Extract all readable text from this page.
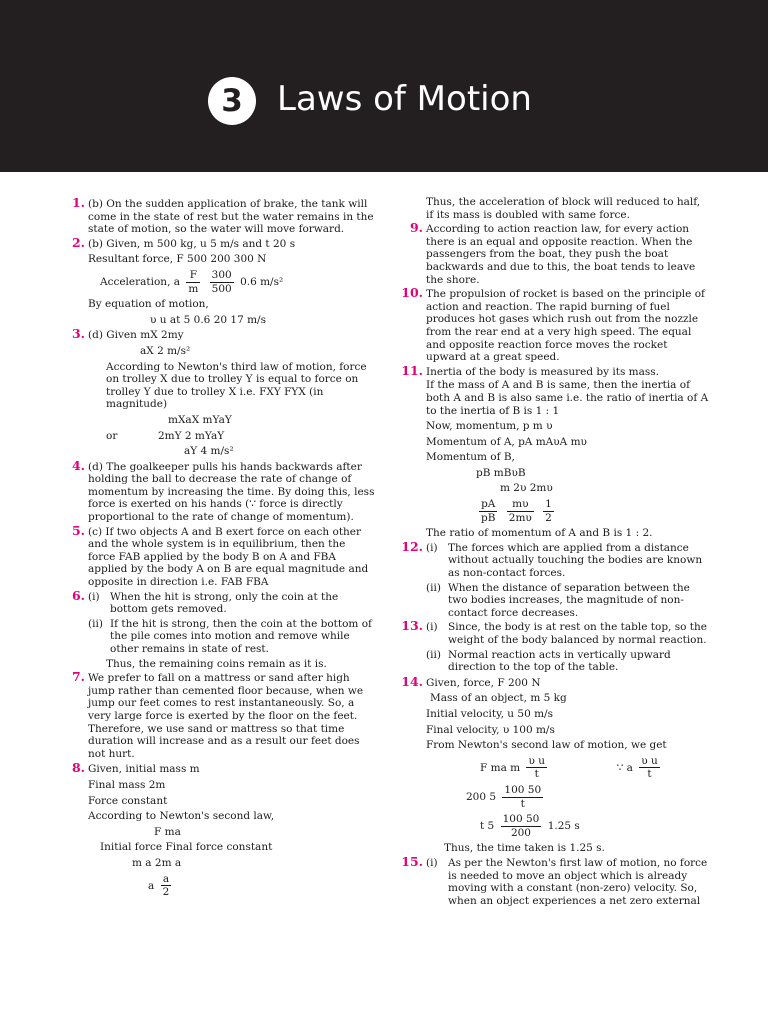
3	Laws of Motion
1. (b) On the sudden application of brake, the tank will come in the state of rest but the water remains in the state of motion, so the water will move forward.
2. (b) Given, m 500 kg, u 5 m/s and t 20 s
Resultant force, F 500 200 300 N
Acceleration, a $\frac{F}{m}$
$\frac{300}{500} 0.6$ m/s²
By equation of motion,
υ u at 5 0.6 20 17 m/s
3. (d) Given mX 2my
aX 2 m/s²
According to Newton's third law of motion, force on trolley X due to trolley Y is equal to force on trolley Y due to trolley X i.e. FXY FYX (in magnitude)
mXaX mYaY
or	2mY 2 mYaY
aY 4 m/s²
4. (d) The goalkeeper pulls his hands backwards after holding the ball to decrease the rate of change of momentum by increasing the time. By doing this, less force is exerted on his hands (∵ force is directly proportional to the rate of change of momentum).
5. (c) If two objects A and B exert force on each other and the whole system is in equilibrium, then the force FAB applied by the body B on A and FBA applied by the body A on B are equal magnitude and opposite in direction i.e. FAB FBA
6. (i) When the hit is strong, only the coin at the bottom gets removed.
(ii) If the hit is strong, then the coin at the bottom of the pile comes into motion and remove while other remains in state of rest.
Thus, the remaining coins remain as it is.
7. We prefer to fall on a mattress or sand after high jump rather than cemented floor because, when we jump our feet comes to rest instantaneously. So, a very large force is exerted by the floor on the feet. Therefore, we use sand or mattress so that time duration will increase and as a result our feet does not hurt.
8. Given, initial mass m
Final mass 2m
Force constant
According to Newton's second law,
F ma
Initial force Final force constant
m a 2m a
a $\frac{a}{2}$
Thus, the acceleration of block will reduced to half, if its mass is doubled with same force.
9. According to action reaction law, for every action there is an equal and opposite reaction. When the passengers from the boat, they push the boat backwards and due to this, the boat tends to leave the shore.
10. The propulsion of rocket is based on the principle of action and reaction. The rapid burning of fuel produces hot gases which rush out from the nozzle from the rear end at a very high speed. The equal and opposite reaction force moves the rocket upward at a great speed.
11. Inertia of the body is measured by its mass.
If the mass of A and B is same, then the inertia of both A and B is also same i.e. the ratio of inertia of A to the inertia of B is 1 : 1
Now, momentum, p m υ
Momentum of A, pA mAυA mυ
Momentum of B,
pB mBυB
m 2υ 2mυ
$\frac{pA}{pB}$
$\frac{m\upsilon}{2m\upsilon}$
$\frac{1}{2}$
The ratio of momentum of A and B is 1 : 2.
12. (i) The forces which are applied from a distance without actually touching the bodies are known as non-contact forces.
(ii) When the distance of separation between the two bodies increases, the magnitude of non-contact force decreases.
13. (i) Since, the body is at rest on the table top, so the weight of the body balanced by normal reaction.
(ii) Normal reaction acts in vertically upward direction to the top of the table.
14. Given, force, F 200 N
Mass of an object, m 5 kg
Initial velocity, u 50 m/s
Final velocity, υ 100 m/s
From Newton's second law of motion, we get
F ma m $\frac{\text{υ u}}{t}$	∵ a $\frac{\text{υ u}}{t}$
200 $5 \frac{100 50}{t}$
t $5 \frac{100 50}{200} 1.25$ s
Thus, the time taken is 1.25 s.
15. (i) As per the Newton's first law of motion, no force is needed to move an object which is already moving with a constant (non-zero) velocity. So, when an object experiences a net zero external
